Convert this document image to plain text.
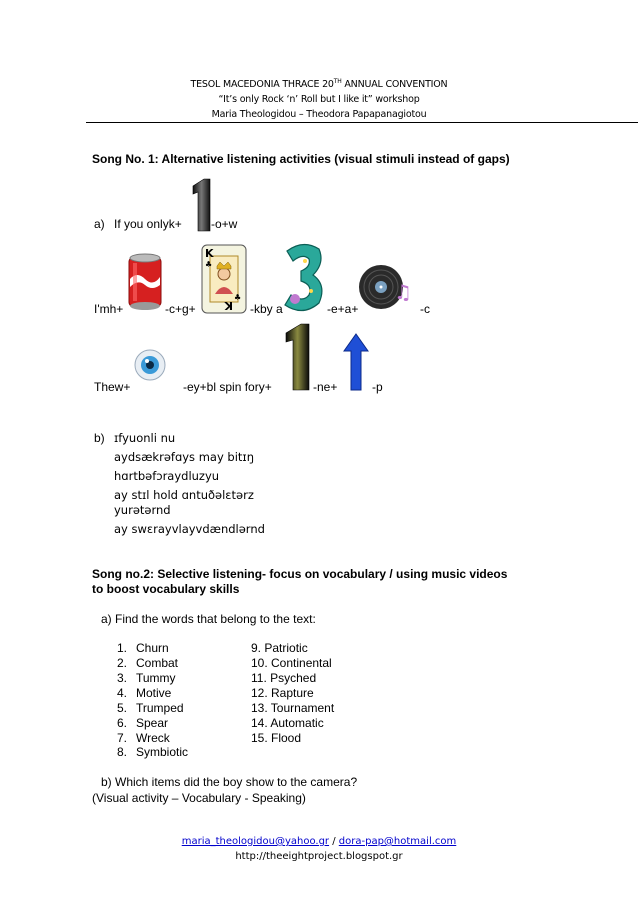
TESOL MACEDONIA THRACE 20TH ANNUAL CONVENTION
“It’s only Rock ‘n’ Roll but I like it” workshop
Maria Theologidou – Theodora Papapanagiotou
Song No. 1: Alternative listening activities (visual stimuli instead of gaps)
a) If you onlyk+ -o+w
I'mh+	-c+g+
K
♣
♣
K -kby a	-e+a+
♫
-c
Thew+	-ey+bl spin fory+	-ne+	-p
b) ɪfyuonli nu
aydsækrəfɑys may bitɪŋ
hɑrtbəfɔraydluzyu
ay stɪl hold ɑntuðəlɛtərz
yurətərnd
ay swɛrayvlayvdændlərnd
Song no.2: Selective listening- focus on vocabulary / using music videos
to boost vocabulary skills
a) Find the words that belong to the text:
1. Churn
2. Combat
3. Tummy
4. Motive
5. Trumped
6. Spear
7. Wreck
8. Symbiotic
9. Patriotic
10. Continental
11. Psyched
12. Rapture
13. Tournament
14. Automatic
15. Flood
b) Which items did the boy show to the camera?
(Visual activity – Vocabulary - Speaking)
maria_theologidou@yahoo.gr / dora-pap@hotmail.com
http://theeightproject.blogspot.gr
